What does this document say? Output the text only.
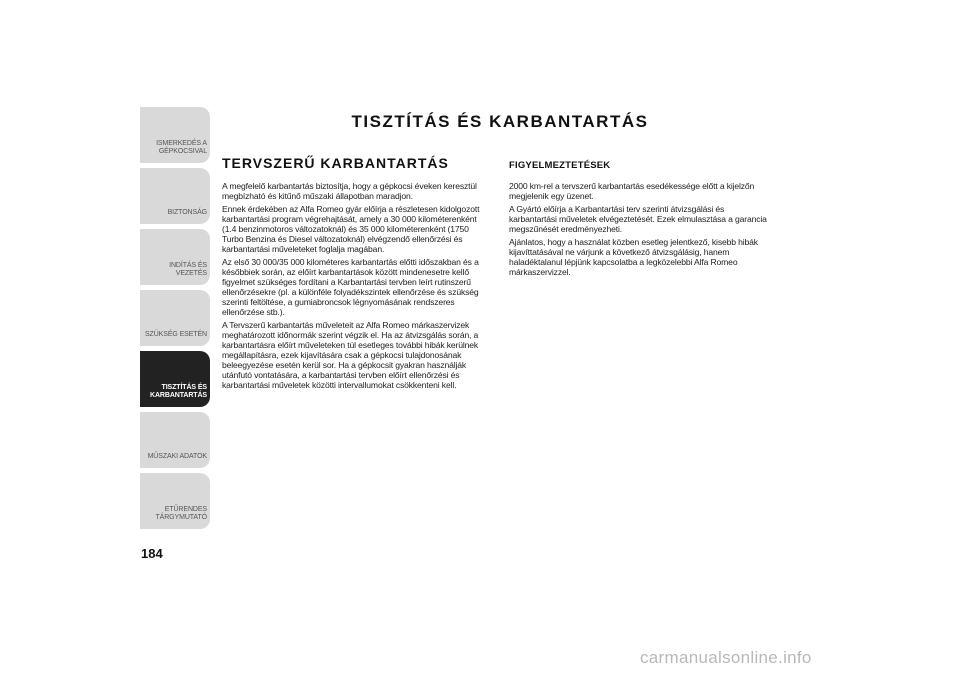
ISMERKEDÉS A
GÉPKOCSIVAL
BIZTONSÁG
INDÍTÁS ÉS VEZETÉS
SZÜKSÉG ESETÉN
TISZTÍTÁS ÉS
KARBANTARTÁS
MŰSZAKI ADATOK
ETŰRENDES
TÁRGYMUTATÓ
184
TISZTÍTÁS ÉS KARBANTARTÁS
TERVSZERŰ KARBANTARTÁS

A megfelelő karbantartás biztosítja, hogy a gépkocsi éveken keresztül megbízható és kitűnő műszaki állapotban maradjon.

Ennek érdekében az Alfa Romeo gyár előírja a részletesen kidolgozott karbantartási program végrehajtását, amely a 30 000 kilométerenként (1.4 benzinmotoros változatoknál) és 35 000 kilométerenként (1750 Turbo Benzina és Diesel változatoknál) elvégzendő ellenőrzési és karbantartási műveleteket foglalja magában.

Az első 30 000/35 000 kilométeres karbantartás előtti időszakban és a későbbiek során, az előírt karbantartások között mindenesetre kellő figyelmet szükséges fordítani a Karbantartási tervben leírt rutinszerű ellenőrzésekre (pl. a különféle folyadékszintek ellenőrzése és szükség szerinti feltöltése, a gumiabroncsok légnyomásának rendszeres ellenőrzése stb.).

A Tervszerű karbantartás műveleteit az Alfa Romeo márkaszervizek meghatározott időnormák szerint végzik el. Ha az átvizsgálás során, a karbantartásra előírt műveleteken túl esetleges további hibák kerülnek megállapításra, ezek kijavítására csak a gépkocsi tulajdonosának beleegyezése esetén kerül sor. Ha a gépkocsit gyakran használják utánfutó vontatására, a karbantartási tervben előírt ellenőrzési és karbantartási műveletek közötti intervallumokat csökkenteni kell.

FIGYELMEZTETÉSEK

2000 km-rel a tervszerű karbantartás esedékessége előtt a kijelzőn megjelenik egy üzenet.

A Gyártó előírja a Karbantartási terv szerinti átvizsgálási és karbantartási műveletek elvégeztetését. Ezek elmulasztása a garancia megszűnését eredményezheti.

Ajánlatos, hogy a használat közben esetleg jelentkező, kisebb hibák kijavíttatásával ne várjunk a következő átvizsgálásig, hanem haladéktalanul lépjünk kapcsolatba a legközelebbi Alfa Romeo márkaszervizzel.

carmanualsonline.info
